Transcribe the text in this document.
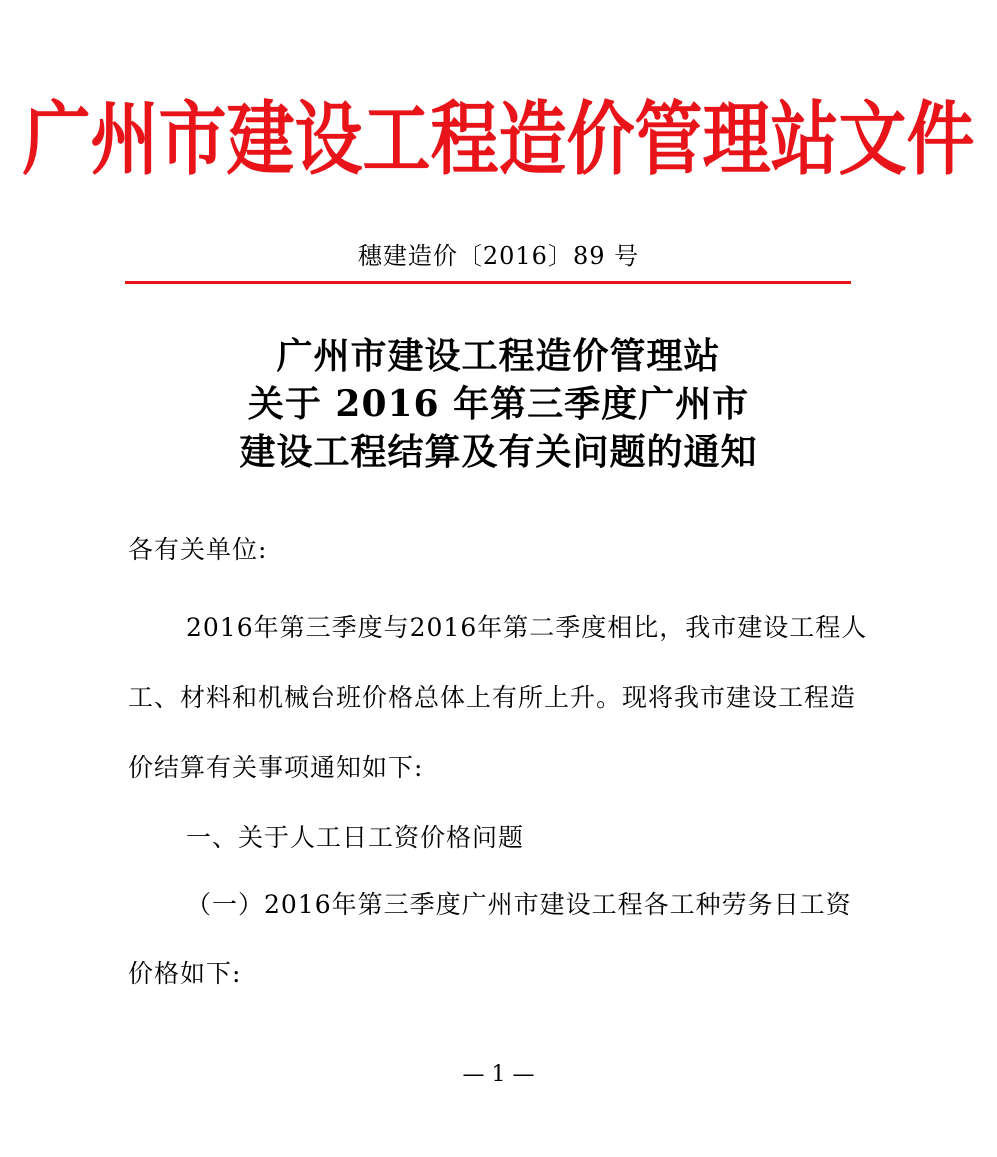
广州市建设工程造价管理站文件
穗建造价〔2016〕89 号
广州市建设工程造价管理站
关于 2016 年第三季度广州市
建设工程结算及有关问题的通知
各有关单位:
2016年第三季度与2016年第二季度相比，我市建设工程人
工、材料和机械台班价格总体上有所上升。现将我市建设工程造
价结算有关事项通知如下:
一、关于人工日工资价格问题
（一）2016年第三季度广州市建设工程各工种劳务日工资
价格如下:
— 1 —
